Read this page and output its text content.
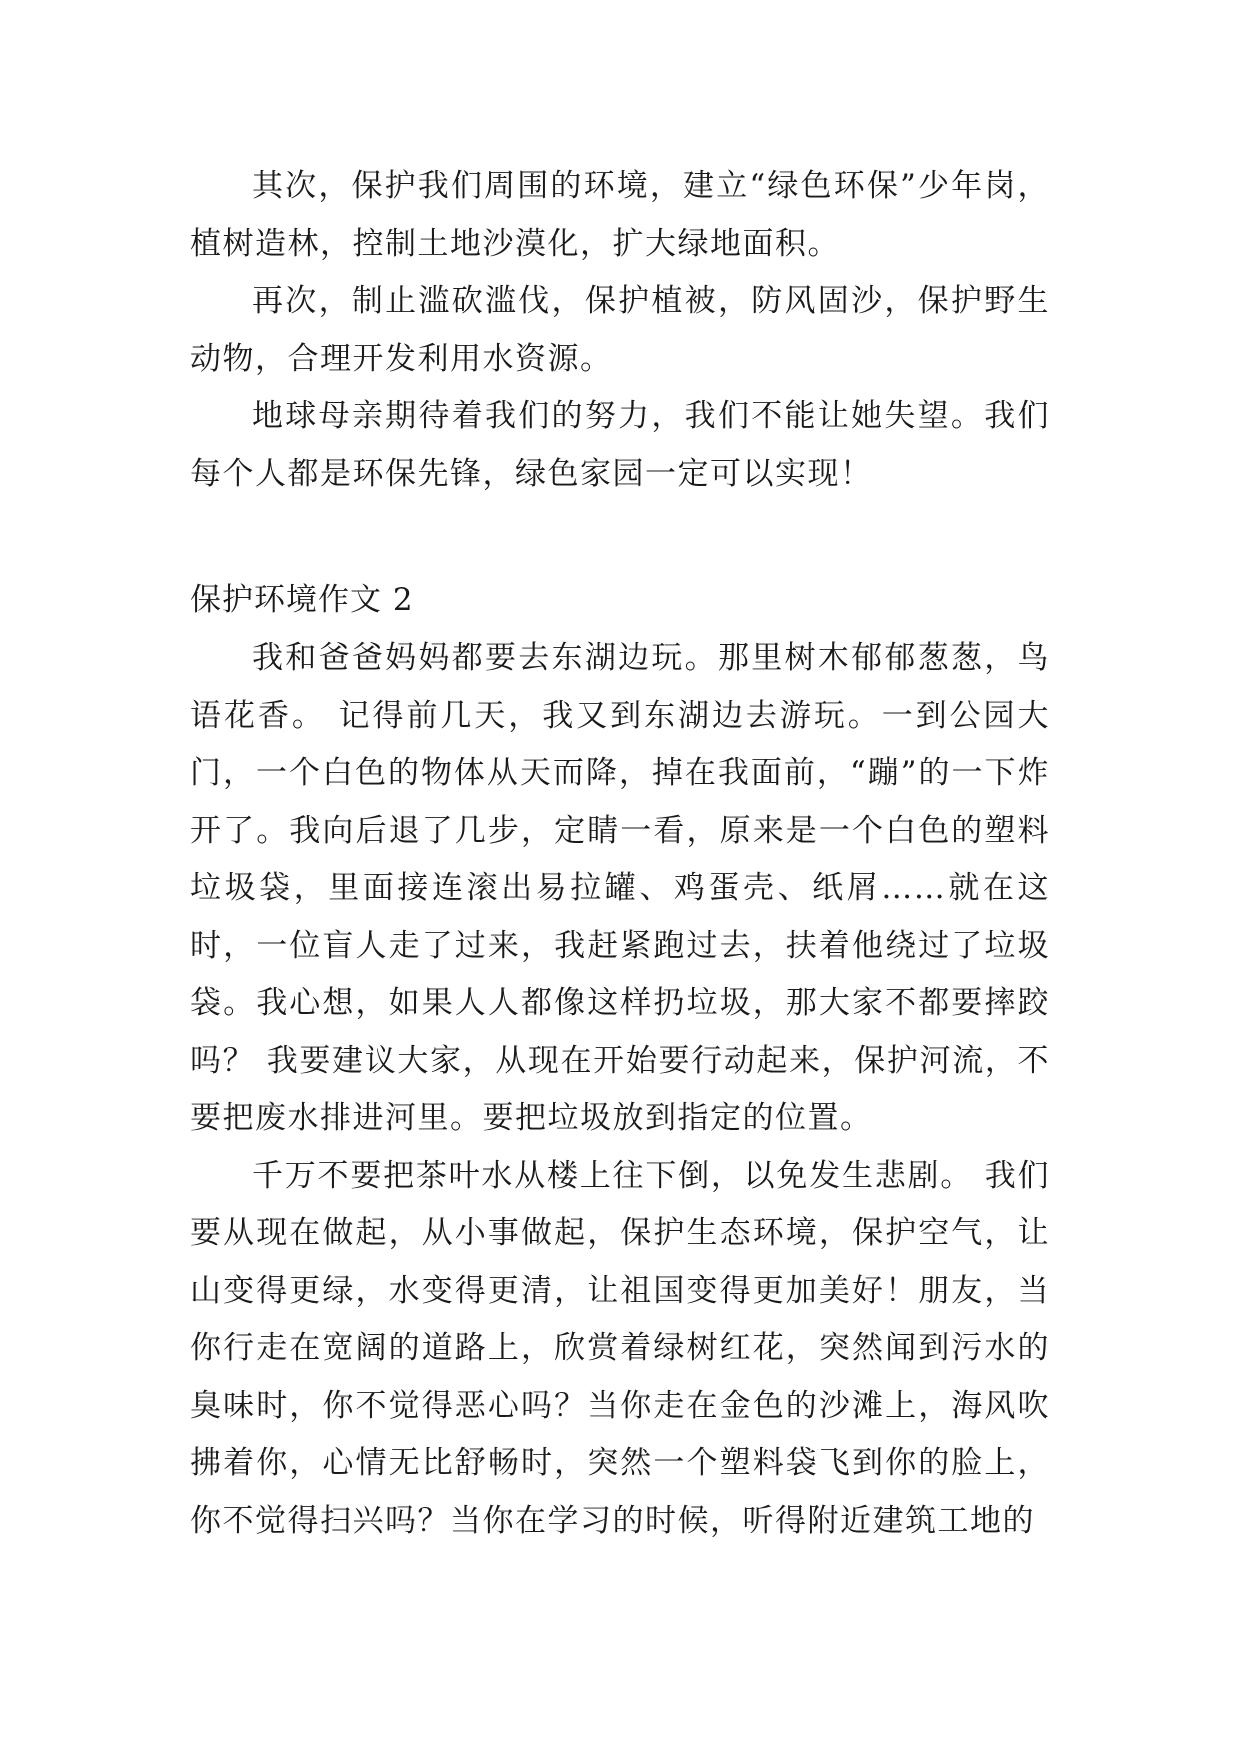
其次，保护我们周围的环境，建立“绿色环保”少年岗，植树造林，控制土地沙漠化，扩大绿地面积。

再次，制止滥砍滥伐，保护植被，防风固沙，保护野生动物，合理开发利用水资源。

地球母亲期待着我们的努力，我们不能让她失望。我们每个人都是环保先锋，绿色家园一定可以实现！

保护环境作文 2

我和爸爸妈妈都要去东湖边玩。那里树木郁郁葱葱，鸟语花香。 记得前几天，我又到东湖边去游玩。一到公园大门，一个白色的物体从天而降，掉在我面前，“蹦”的一下炸开了。我向后退了几步，定睛一看，原来是一个白色的塑料垃圾袋，里面接连滚出易拉罐、鸡蛋壳、纸屑……就在这时，一位盲人走了过来，我赶紧跑过去，扶着他绕过了垃圾袋。我心想，如果人人都像这样扔垃圾，那大家不都要摔跤吗？ 我要建议大家，从现在开始要行动起来，保护河流，不要把废水排进河里。要把垃圾放到指定的位置。

千万不要把茶叶水从楼上往下倒，以免发生悲剧。 我们要从现在做起，从小事做起，保护生态环境，保护空气，让山变得更绿，水变得更清，让祖国变得更加美好！朋友，当你行走在宽阔的道路上，欣赏着绿树红花，突然闻到污水的臭味时，你不觉得恶心吗？当你走在金色的沙滩上，海风吹拂着你，心情无比舒畅时，突然一个塑料袋飞到你的脸上，你不觉得扫兴吗？当你在学习的时候，听得附近建筑工地的
